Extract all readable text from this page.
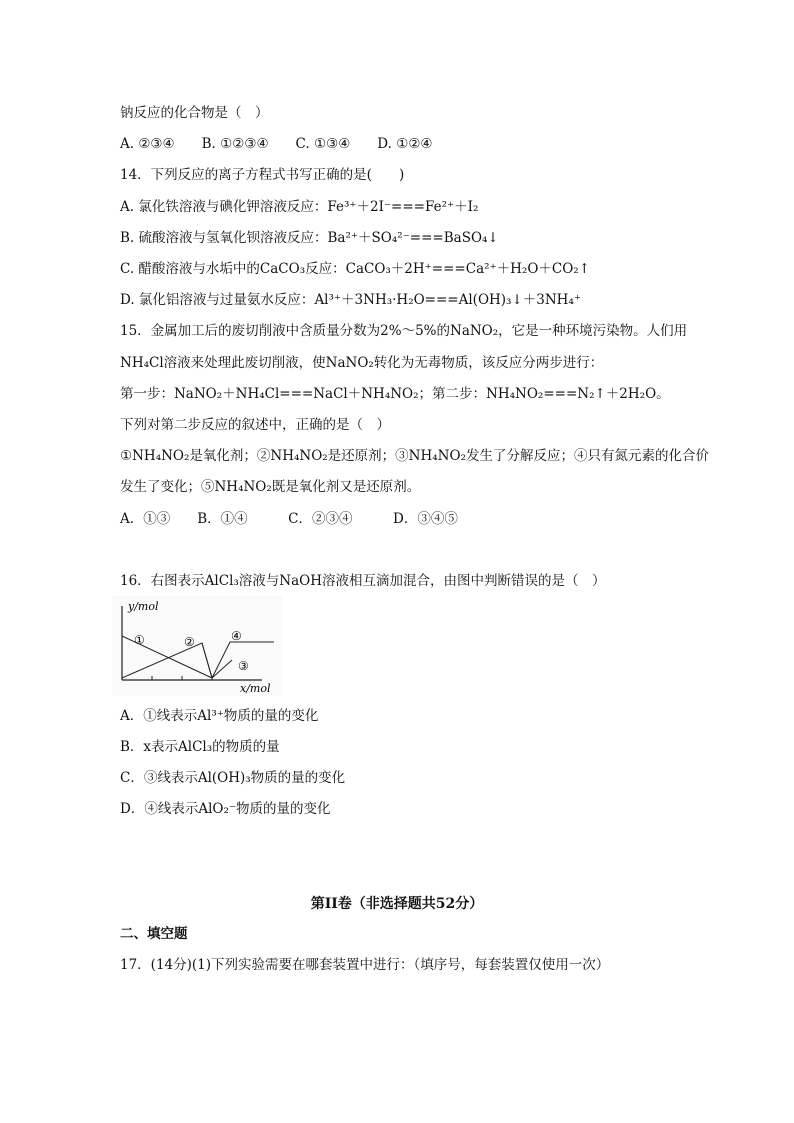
钠反应的化合物是（　）
A. ②③④　　B. ①②③④　　C. ①③④　　D. ①②④
14．下列反应的离子方程式书写正确的是(　　)
A. 氯化铁溶液与碘化钾溶液反应：Fe³⁺＋2I⁻===Fe²⁺＋I₂
B. 硫酸溶液与氢氧化钡溶液反应：Ba²⁺＋SO₄²⁻===BaSO₄↓
C. 醋酸溶液与水垢中的CaCO₃反应：CaCO₃＋2H⁺===Ca²⁺＋H₂O＋CO₂↑
D. 氯化铝溶液与过量氨水反应：Al³⁺＋3NH₃·H₂O===Al(OH)₃↓＋3NH₄⁺
15．金属加工后的废切削液中含质量分数为2%～5%的NaNO₂，它是一种环境污染物。人们用
NH₄Cl溶液来处理此废切削液，使NaNO₂转化为无毒物质，该反应分两步进行：
第一步：NaNO₂＋NH₄Cl===NaCl＋NH₄NO₂；第二步：NH₄NO₂===N₂↑＋2H₂O。
下列对第二步反应的叙述中，正确的是（　）
①NH₄NO₂是氧化剂；②NH₄NO₂是还原剂；③NH₄NO₂发生了分解反应；④只有氮元素的化合价
发生了变化；⑤NH₄NO₂既是氧化剂又是还原剂。
A．①③　　B．①④　　　C．②③④　　　D．③④⑤
16．右图表示AlCl₃溶液与NaOH溶液相互滴加混合，由图中判断错误的是（　）
y/mol
x/mol
①	②
③
④
A．①线表示Al³⁺物质的量的变化
B．x表示AlCl₃的物质的量
C．③线表示Al(OH)₃物质的量的变化
D．④线表示AlO₂⁻物质的量的变化
第II卷（非选择题共52分）
二、填空题
17．(14分)(1)下列实验需要在哪套装置中进行：（填序号，每套装置仅使用一次）
